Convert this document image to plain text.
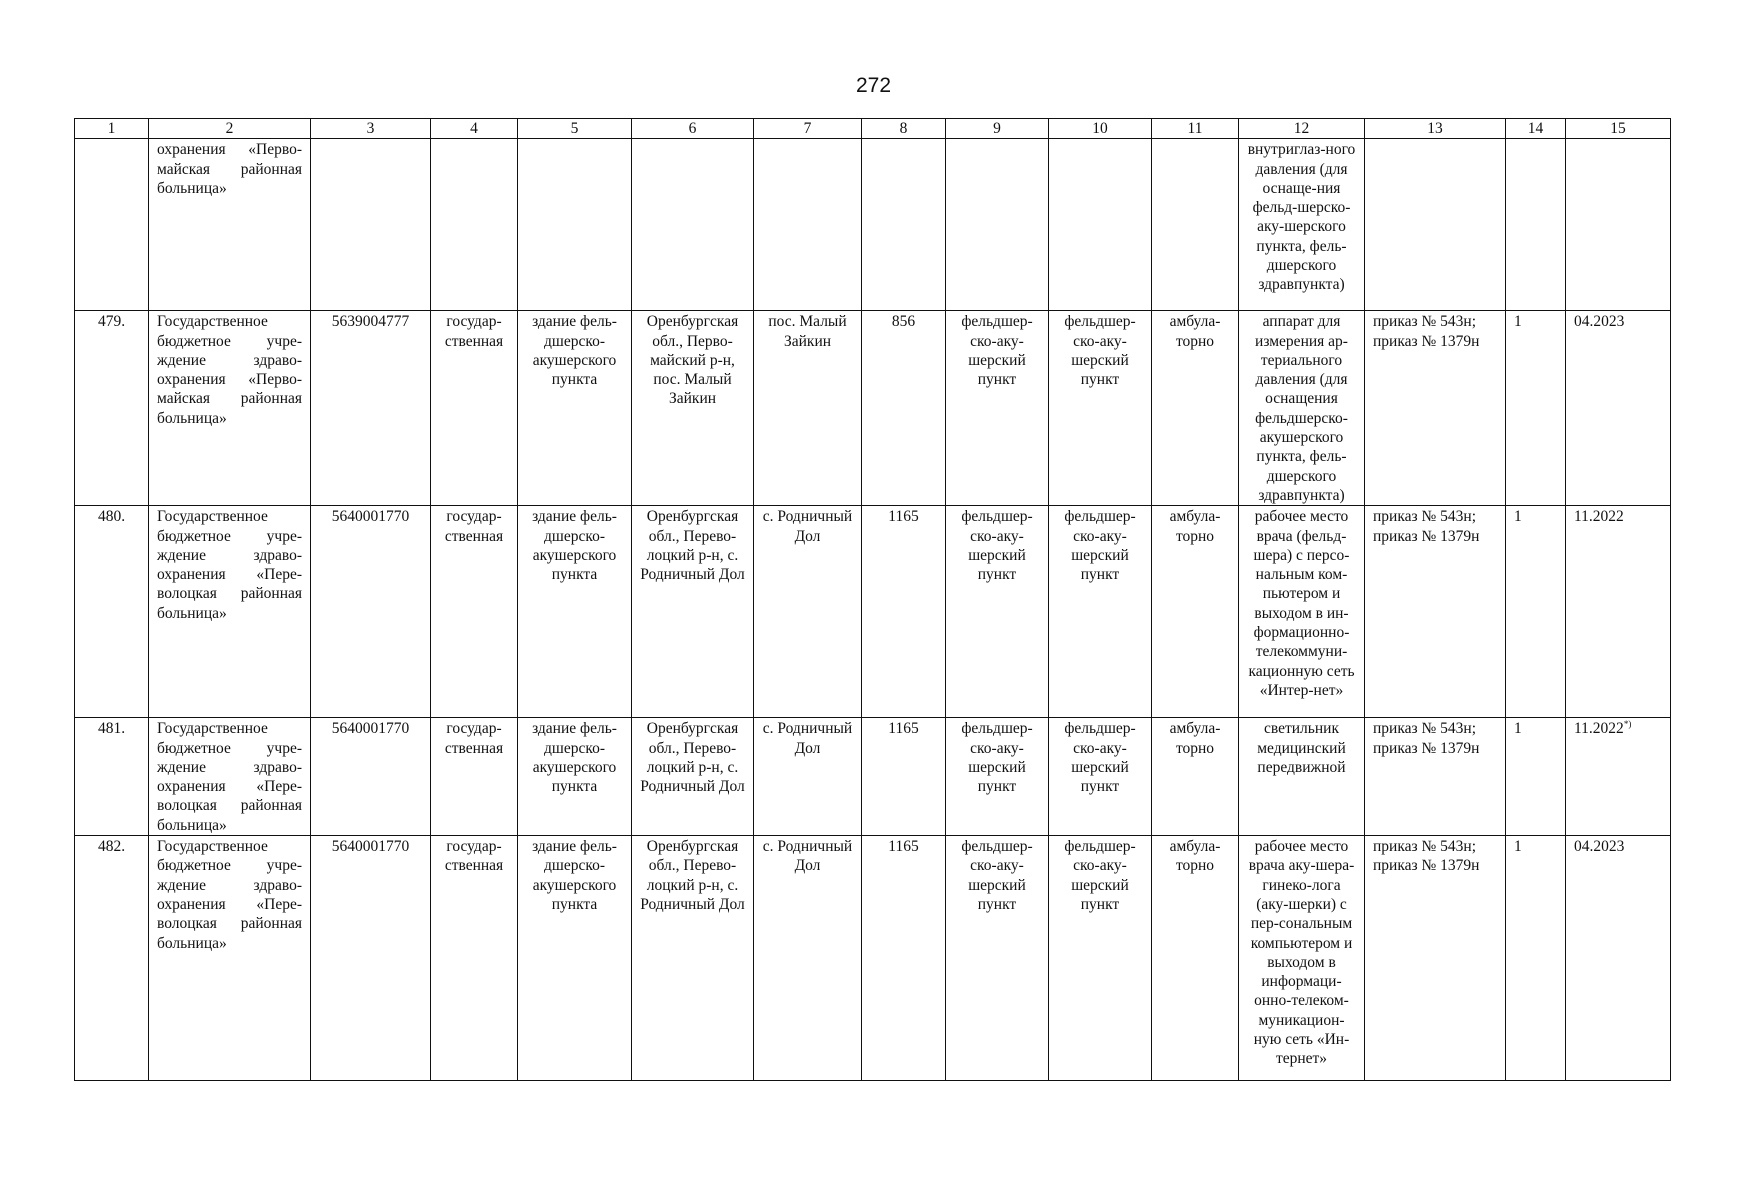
272
1	2	3	4	5	6	7	8	9	10	11	12	13	14	15
	охранения «Перво-майская районная больница»										внутриглаз-ного давления (для оснаще-ния фельд-шерско-аку-шерского пункта, фель-дшерского здравпункта)			
479.	Государственное бюджетное учре-ждение здраво-охранения «Перво-майская районная больница»	5639004777	государ-ственная	здание фель-дшерско-акушерского пункта	Оренбургская обл., Перво-майский р-н, пос. Малый Зайкин	пос. Малый Зайкин	856	фельдшер-ско-аку-шерский пункт	фельдшер-ско-аку-шерский пункт	амбула-торно	аппарат для измерения ар-териального давления (для оснащения фельдшерско-акушерского пункта, фель-дшерского здравпункта)	приказ № 543н; приказ № 1379н	1	04.2023
480.	Государственное бюджетное учре-ждение здраво-охранения «Пере-волоцкая районная больница»	5640001770	государ-ственная	здание фель-дшерско-акушерского пункта	Оренбургская обл., Перево-лоцкий р-н, с. Родничный Дол	с. Родничный Дол	1165	фельдшер-ско-аку-шерский пункт	фельдшер-ско-аку-шерский пункт	амбула-торно	рабочее место врача (фельд-шера) с персо-нальным ком-пьютером и выходом в ин-формационно-телекоммуни-кационную сеть «Интер-нет»	приказ № 543н; приказ № 1379н	1	11.2022
481.	Государственное бюджетное учре-ждение здраво-охранения «Пере-волоцкая районная больница»	5640001770	государ-ственная	здание фель-дшерско-акушерского пункта	Оренбургская обл., Перево-лоцкий р-н, с. Родничный Дол	с. Родничный Дол	1165	фельдшер-ско-аку-шерский пункт	фельдшер-ско-аку-шерский пункт	амбула-торно	светильник медицинский передвижной	приказ № 543н; приказ № 1379н	1	11.2022*)
482.	Государственное бюджетное учре-ждение здраво-охранения «Пере-волоцкая районная больница»	5640001770	государ-ственная	здание фель-дшерско-акушерского пункта	Оренбургская обл., Перево-лоцкий р-н, с. Родничный Дол	с. Родничный Дол	1165	фельдшер-ско-аку-шерский пункт	фельдшер-ско-аку-шерский пункт	амбула-торно	рабочее место врача аку-шера-гинеко-лога (аку-шерки) с пер-сональным компьютером и выходом в информаци-онно-телеком-муникацион-ную сеть «Ин-тернет»	приказ № 543н; приказ № 1379н	1	04.2023
